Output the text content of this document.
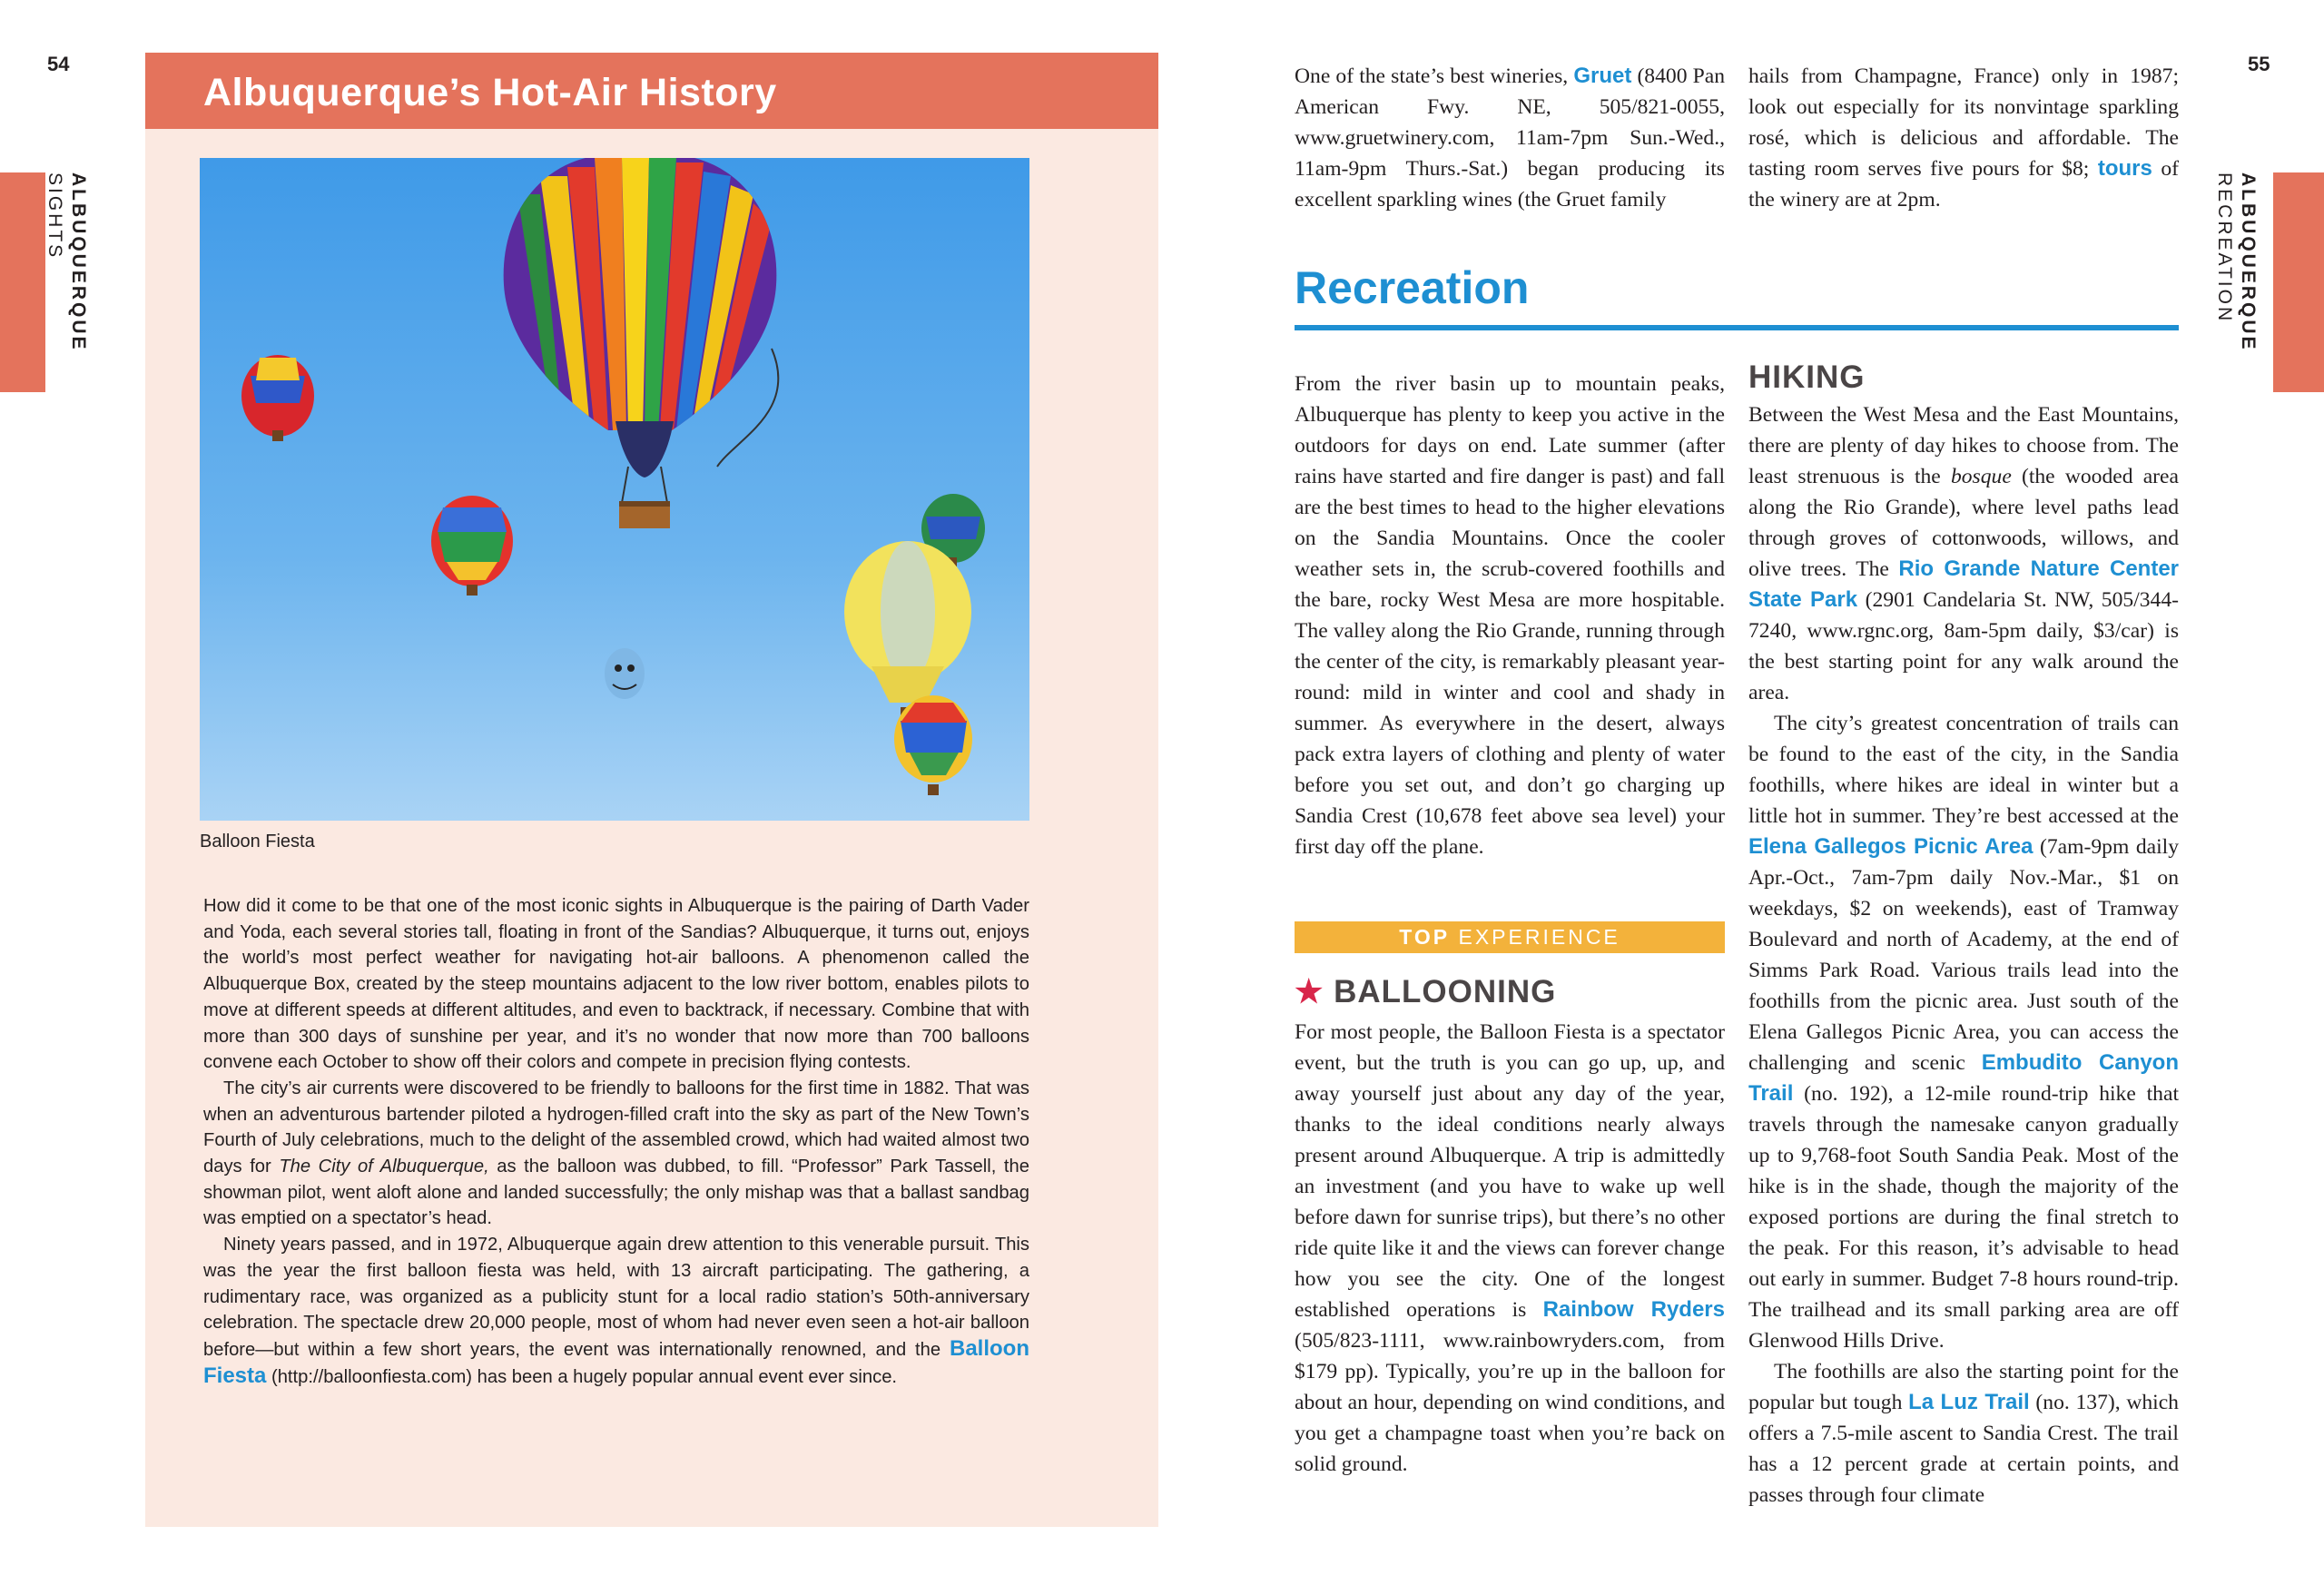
54
ALBUQUERQUE
SIGHTS
Albuquerque’s Hot-Air History
Balloon Fiesta

How did it come to be that one of the most iconic sights in Albuquerque is the pairing of Darth Vader and Yoda, each several stories tall, floating in front of the Sandias? Albuquerque, it turns out, enjoys the world’s most perfect weather for navigating hot-air balloons. A phenomenon called the Albuquerque Box, created by the steep mountains adjacent to the low river bottom, enables pilots to move at different speeds at different altitudes, and even to backtrack, if necessary. Combine that with more than 300 days of sunshine per year, and it’s no wonder that now more than 700 balloons convene each October to show off their colors and compete in precision flying contests.

The city’s air currents were discovered to be friendly to balloons for the first time in 1882. That was when an adventurous bartender piloted a hydrogen-filled craft into the sky as part of the New Town’s Fourth of July celebrations, much to the delight of the assembled crowd, which had waited almost two days for The City of Albuquerque, as the balloon was dubbed, to fill. “Professor” Park Tassell, the showman pilot, went aloft alone and landed successfully; the only mishap was that a ballast sandbag was emptied on a spectator’s head.

Ninety years passed, and in 1972, Albuquerque again drew attention to this venerable pursuit. This was the year the first balloon fiesta was held, with 13 aircraft participating. The gathering, a rudimentary race, was organized as a publicity stunt for a local radio station’s 50th-anniversary celebration. The spectacle drew 20,000 people, most of whom had never even seen a hot-air balloon before—but within a few short years, the event was internationally renowned, and the Balloon Fiesta (http://balloonfiesta.com) has been a hugely popular annual event ever since.

55
ALBUQUERQUE
RECREATION

One of the state’s best wineries, Gruet (8400 Pan American Fwy. NE, 505/821-0055, www.gruetwinery.com, 11am-7pm Sun.-Wed., 11am-9pm Thurs.-Sat.) began producing its excellent sparkling wines (the Gruet family

hails from Champagne, France) only in 1987; look out especially for its nonvintage sparkling rosé, which is delicious and affordable. The tasting room serves five pours for $8; tours of the winery are at 2pm.

Recreation

From the river basin up to mountain peaks, Albuquerque has plenty to keep you active in the outdoors for days on end. Late summer (after rains have started and fire danger is past) and fall are the best times to head to the higher elevations on the Sandia Mountains. Once the cooler weather sets in, the scrub-covered foothills and the bare, rocky West Mesa are more hospitable. The valley along the Rio Grande, running through the center of the city, is remarkably pleasant year-round: mild in winter and cool and shady in summer. As everywhere in the desert, always pack extra layers of clothing and plenty of water before you set out, and don’t go charging up Sandia Crest (10,678 feet above sea level) your first day off the plane.

TOP EXPERIENCE
★ BALLOONING

For most people, the Balloon Fiesta is a spectator event, but the truth is you can go up, up, and away yourself just about any day of the year, thanks to the ideal conditions nearly always present around Albuquerque. A trip is admittedly an investment (and you have to wake up well before dawn for sunrise trips), but there’s no other ride quite like it and the views can forever change how you see the city. One of the longest established operations is Rainbow Ryders (505/823-1111, www.rainbowryders.com, from $179 pp). Typically, you’re up in the balloon for about an hour, depending on wind conditions, and you get a champagne toast when you’re back on solid ground.

HIKING

Between the West Mesa and the East Mountains, there are plenty of day hikes to choose from. The least strenuous is the bosque (the wooded area along the Rio Grande), where level paths lead through groves of cottonwoods, willows, and olive trees. The Rio Grande Nature Center State Park (2901 Candelaria St. NW, 505/344-7240, www.rgnc.org, 8am-5pm daily, $3/car) is the best starting point for any walk around the area.

The city’s greatest concentration of trails can be found to the east of the city, in the Sandia foothills, where hikes are ideal in winter but a little hot in summer. They’re best accessed at the Elena Gallegos Picnic Area (7am-9pm daily Apr.-Oct., 7am-7pm daily Nov.-Mar., $1 on weekdays, $2 on weekends), east of Tramway Boulevard and north of Academy, at the end of Simms Park Road. Various trails lead into the foothills from the picnic area. Just south of the Elena Gallegos Picnic Area, you can access the challenging and scenic Embudito Canyon Trail (no. 192), a 12-mile round-trip hike that travels through the namesake canyon gradually up to 9,768-foot South Sandia Peak. Most of the hike is in the shade, though the majority of the exposed portions are during the final stretch to the peak. For this reason, it’s advisable to head out early in summer. Budget 7-8 hours round-trip. The trailhead and its small parking area are off Glenwood Hills Drive.

The foothills are also the starting point for the popular but tough La Luz Trail (no. 137), which offers a 7.5-mile ascent to Sandia Crest. The trail has a 12 percent grade at certain points, and passes through four climate
